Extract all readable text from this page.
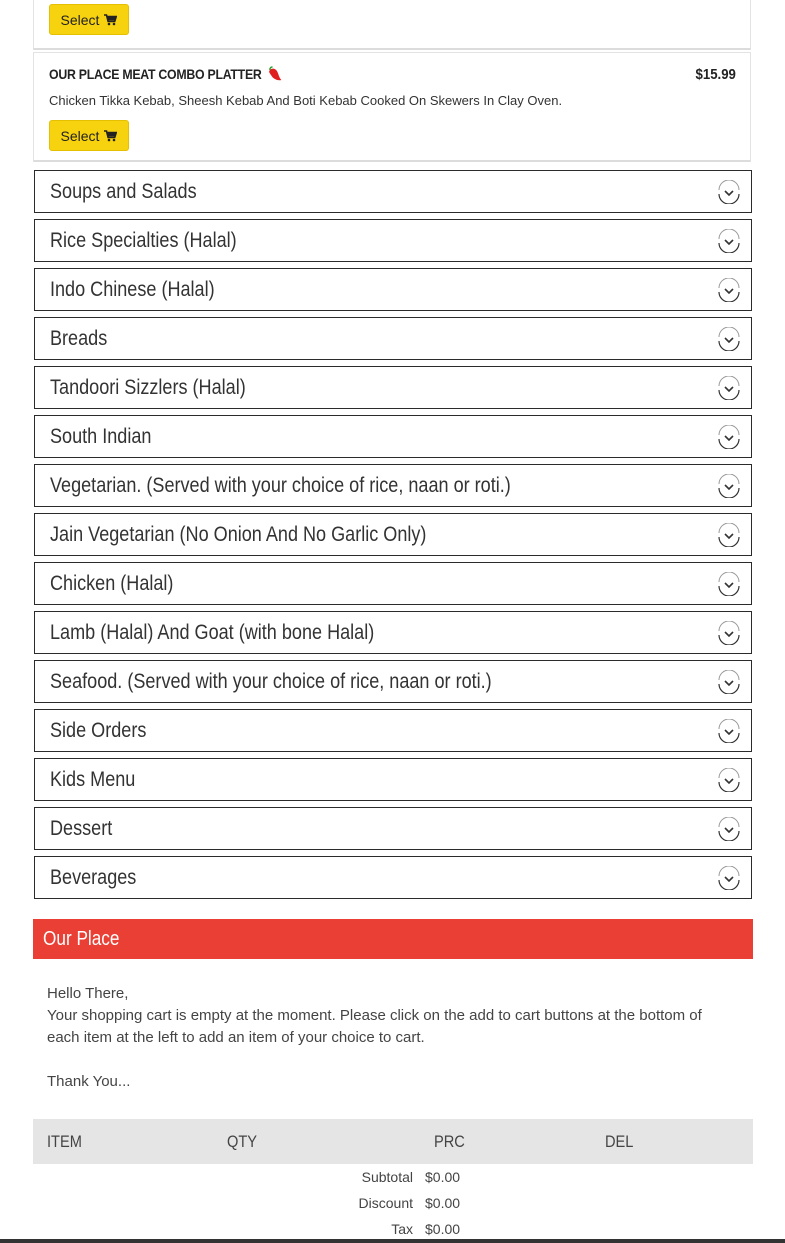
Select
OUR PLACE MEAT COMBO PLATTER	$15.99
Chicken Tikka Kebab, Sheesh Kebab And Boti Kebab Cooked On Skewers In Clay Oven.
Select
Soups and Salads
Rice Specialties (Halal)
Indo Chinese (Halal)
Breads
Tandoori Sizzlers (Halal)
South Indian
Vegetarian. (Served with your choice of rice, naan or roti.)
Jain Vegetarian (No Onion And No Garlic Only)
Chicken (Halal)
Lamb (Halal) And Goat (with bone Halal)
Seafood. (Served with your choice of rice, naan or roti.)
Side Orders
Kids Menu
Dessert
Beverages
Our Place

Hello There,

Your shopping cart is empty at the moment. Please click on the add to cart buttons at the bottom of each item at the left to add an item of your choice to cart.

Thank You...

ITEM	QTY	PRC	DEL
Subtotal $0.00
Discount $0.00
Tax $0.00
